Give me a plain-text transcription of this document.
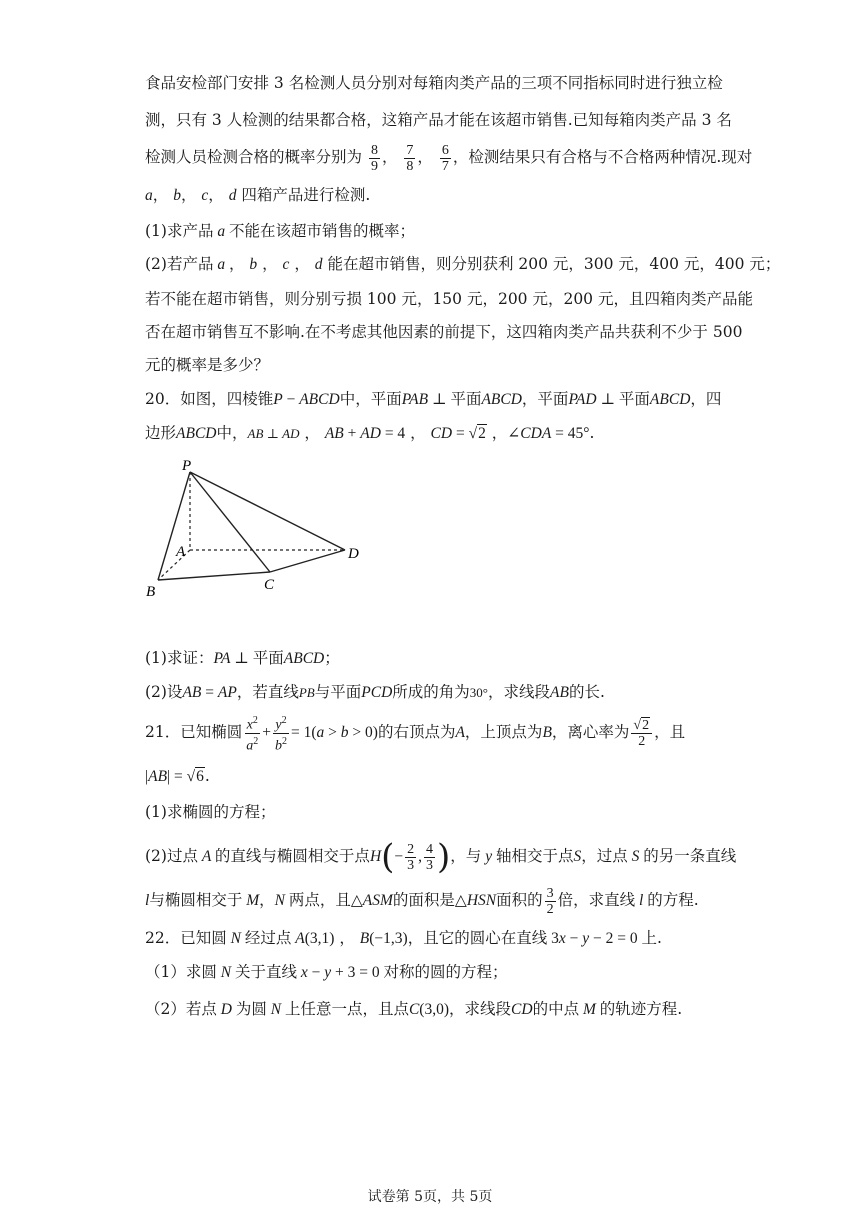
食品安检部门安排 3 名检测人员分别对每箱肉类产品的三项不同指标同时进行独立检
测，只有 3 人检测的结果都合格，这箱产品才能在该超市销售.已知每箱肉类产品 3 名
检测人员检测合格的概率分别为 $\frac{8}{9}$ ， $\frac{7}{8}$ ， $\frac{6}{7}$ ，检测结果只有合格与不合格两种情况.现对
a， b， c， d 四箱产品进行检测.
(1)求产品 a 不能在该超市销售的概率；
(2)若产品 a ， b ， c ， d 能在超市销售，则分别获利 200 元，300 元，400 元，400 元；
若不能在超市销售，则分别亏损 100 元，150 元，200 元，200 元，且四箱肉类产品能
否在超市销售互不影响.在不考虑其他因素的前提下，这四箱肉类产品共获利不少于 500
元的概率是多少？
20．如图，四棱锥P − ABCD中，平面PAB ⊥ 平面ABCD，平面PAD ⊥ 平面ABCD，四
边形ABCD中，AB ⊥ AD ， AB + AD = 4 ， CD = √2 ，∠CDA = 45°.
P
A	D
B	C
(1)求证：PA ⊥ 平面ABCD；
(2)设AB = AP，若直线PB与平面PCD所成的角为30°，求线段AB的长.
21．已知椭圆 $\frac{x^2}{a^2} + \frac{y^2}{b^2} = 1(a > b > 0)$的右顶点为A，上顶点为B，离心率为 $\frac{√2}{2}$ ，且
|AB| = √6.
(1)求椭圆的方程；
(2)过点 A 的直线与椭圆相交于点$H(- \frac{2}{3}$ , $\frac{4}{3}$ )，与 y 轴相交于点S，过点 S 的另一条直线
l与椭圆相交于 M，N 两点，且△ASM的面积是△HSN面积的 $\frac{3}{2}$ 倍，求直线 l 的方程.
22．已知圆 N 经过点 A(3,1) ， B(−1,3)，且它的圆心在直线 3x − y − 2 = 0 上.
（1）求圆 N 关于直线 x − y + 3 = 0 对称的圆的方程；
（2）若点 D 为圆 N 上任意一点，且点C(3,0)，求线段CD的中点 M 的轨迹方程.
试卷第 5页，共 5页
